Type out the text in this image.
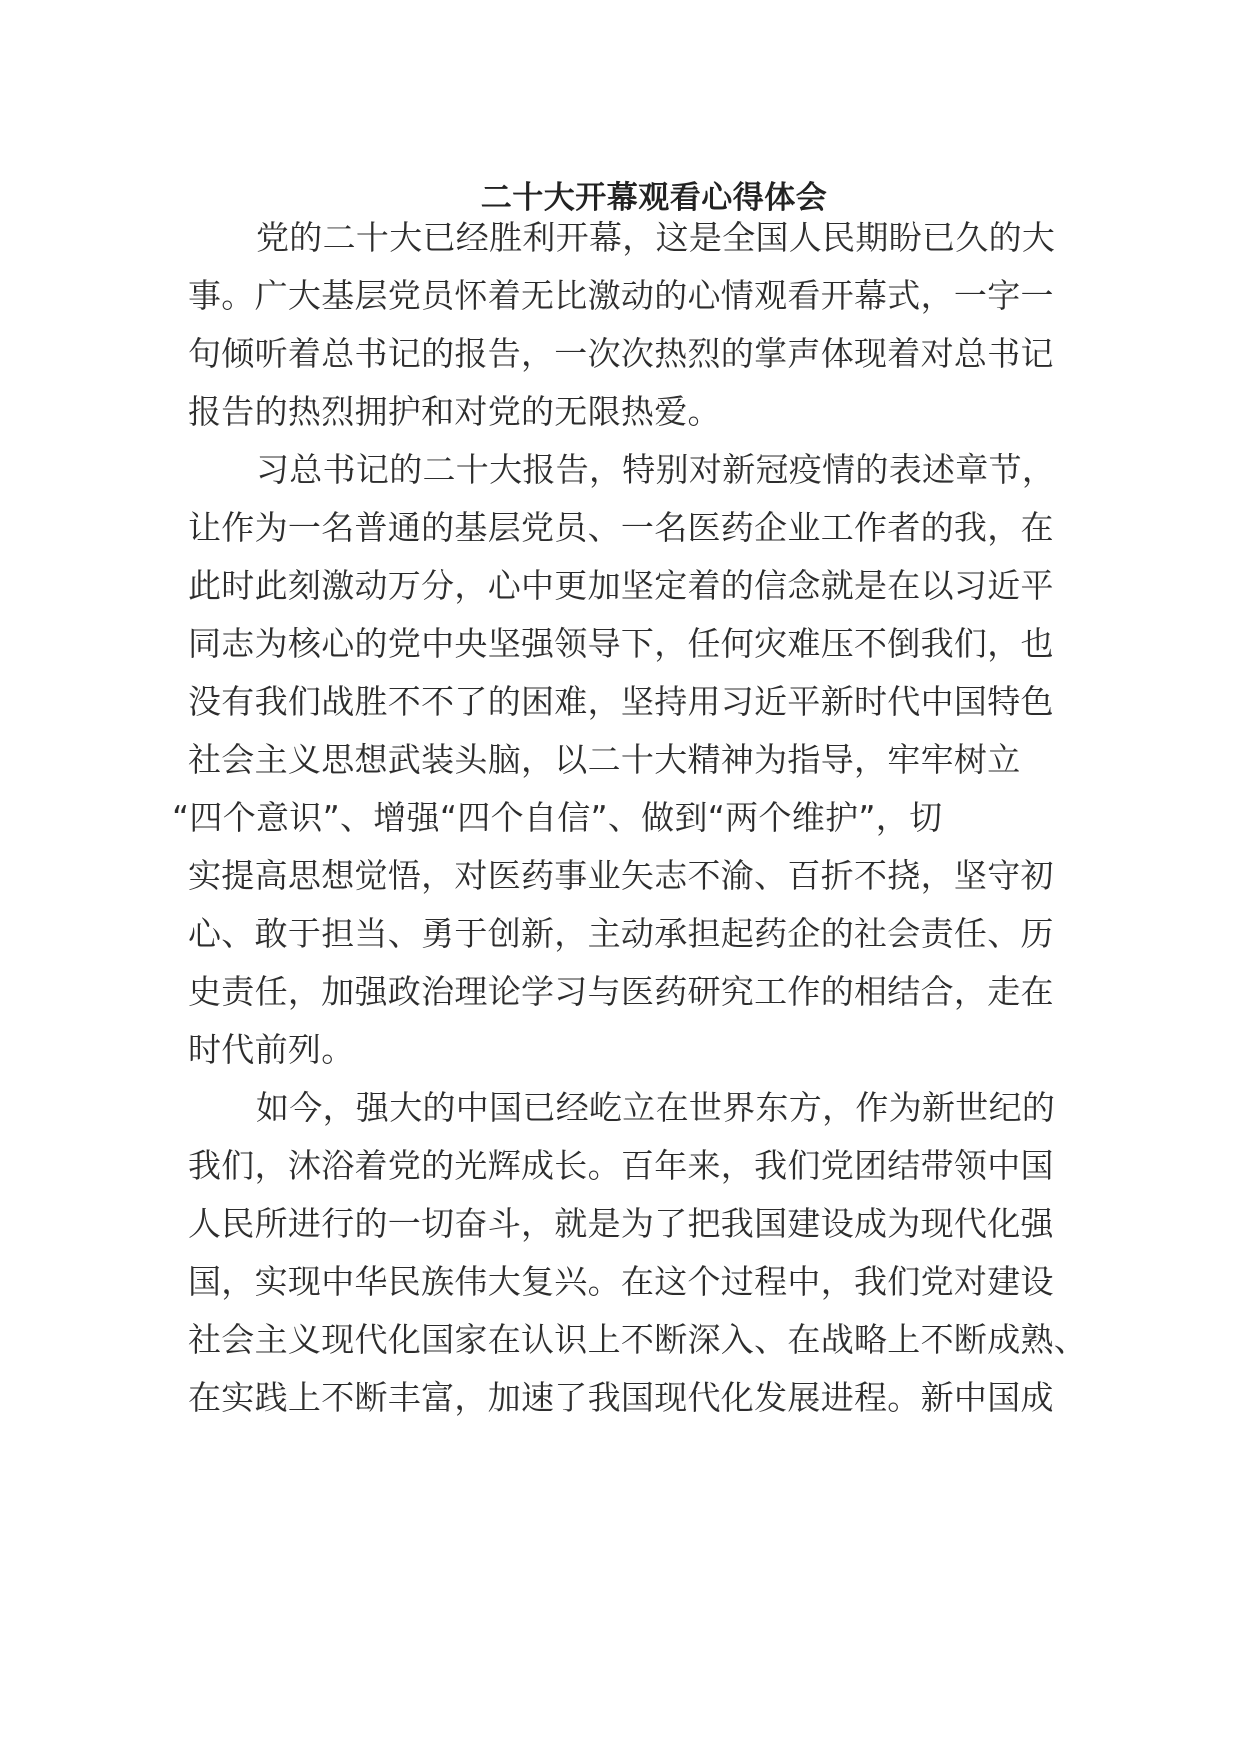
二十大开幕观看心得体会

党的二十大已经胜利开幕，这是全国人民期盼已久的大

事。广大基层党员怀着无比激动的心情观看开幕式，一字一

句倾听着总书记的报告，一次次热烈的掌声体现着对总书记

报告的热烈拥护和对党的无限热爱。

习总书记的二十大报告，特别对新冠疫情的表述章节，

让作为一名普通的基层党员、一名医药企业工作者的我，在

此时此刻激动万分，心中更加坚定着的信念就是在以习近平

同志为核心的党中央坚强领导下，任何灾难压不倒我们，也

没有我们战胜不不了的困难，坚持用习近平新时代中国特色

社会主义思想武装头脑，以二十大精神为指导，牢牢树立

“四个意识”、增强“四个自信”、做到“两个维护”，切

实提高思想觉悟，对医药事业矢志不渝、百折不挠，坚守初

心、敢于担当、勇于创新，主动承担起药企的社会责任、历

史责任，加强政治理论学习与医药研究工作的相结合，走在

时代前列。

如今，强大的中国已经屹立在世界东方，作为新世纪的

我们，沐浴着党的光辉成长。百年来，我们党团结带领中国

人民所进行的一切奋斗，就是为了把我国建设成为现代化强

国，实现中华民族伟大复兴。在这个过程中，我们党对建设

社会主义现代化国家在认识上不断深入、在战略上不断成熟、

在实践上不断丰富，加速了我国现代化发展进程。新中国成
